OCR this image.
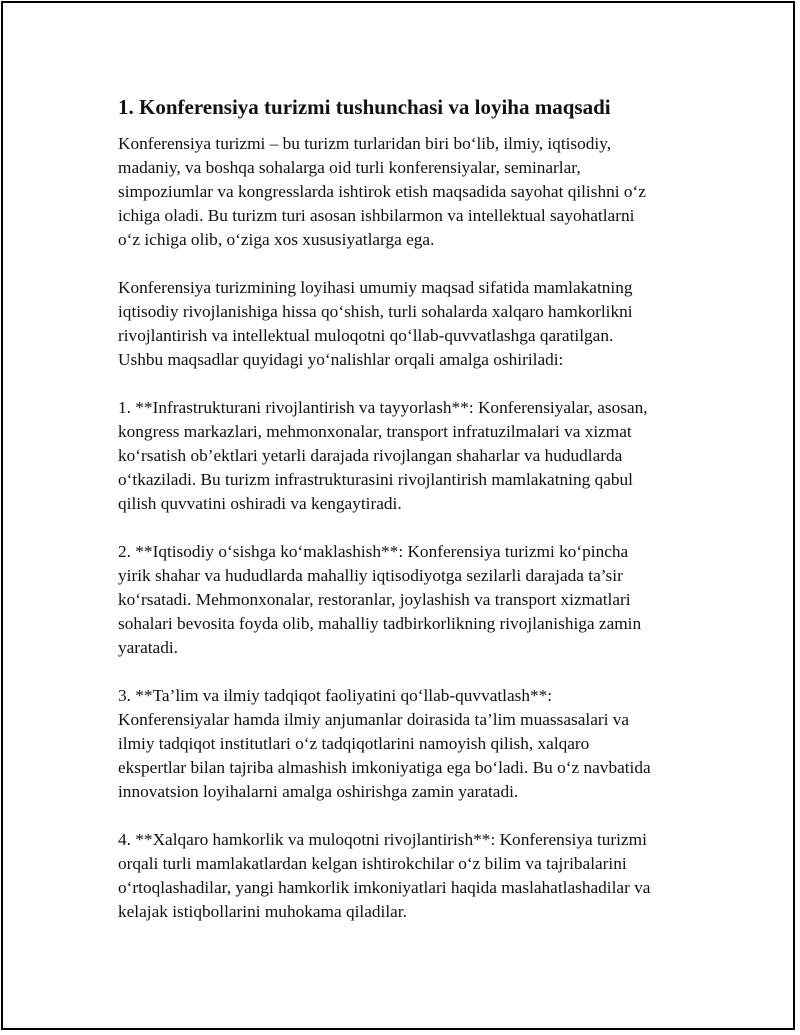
1. Konferensiya turizmi tushunchasi va loyiha maqsadi

Konferensiya turizmi – bu turizm turlaridan biri bo‘lib, ilmiy, iqtisodiy,
madaniy, va boshqa sohalarga oid turli konferensiyalar, seminarlar,
simpoziumlar va kongresslarda ishtirok etish maqsadida sayohat qilishni o‘z
ichiga oladi. Bu turizm turi asosan ishbilarmon va intellektual sayohatlarni
o‘z ichiga olib, o‘ziga xos xususiyatlarga ega.

Konferensiya turizmining loyihasi umumiy maqsad sifatida mamlakatning
iqtisodiy rivojlanishiga hissa qo‘shish, turli sohalarda xalqaro hamkorlikni
rivojlantirish va intellektual muloqotni qo‘llab-quvvatlashga qaratilgan.
Ushbu maqsadlar quyidagi yo‘nalishlar orqali amalga oshiriladi:

1. **Infrastrukturani rivojlantirish va tayyorlash**: Konferensiyalar, asosan,
kongress markazlari, mehmonxonalar, transport infratuzilmalari va xizmat
ko‘rsatish ob’ektlari yetarli darajada rivojlangan shaharlar va hududlarda
o‘tkaziladi. Bu turizm infrastrukturasini rivojlantirish mamlakatning qabul
qilish quvvatini oshiradi va kengaytiradi.

2. **Iqtisodiy o‘sishga ko‘maklashish**: Konferensiya turizmi ko‘pincha
yirik shahar va hududlarda mahalliy iqtisodiyotga sezilarli darajada ta’sir
ko‘rsatadi. Mehmonxonalar, restoranlar, joylashish va transport xizmatlari
sohalari bevosita foyda olib, mahalliy tadbirkorlikning rivojlanishiga zamin
yaratadi.

3. **Ta’lim va ilmiy tadqiqot faoliyatini qo‘llab-quvvatlash**:
Konferensiyalar hamda ilmiy anjumanlar doirasida ta’lim muassasalari va
ilmiy tadqiqot institutlari o‘z tadqiqotlarini namoyish qilish, xalqaro
ekspertlar bilan tajriba almashish imkoniyatiga ega bo‘ladi. Bu o‘z navbatida
innovatsion loyihalarni amalga oshirishga zamin yaratadi.

4. **Xalqaro hamkorlik va muloqotni rivojlantirish**: Konferensiya turizmi
orqali turli mamlakatlardan kelgan ishtirokchilar o‘z bilim va tajribalarini
o‘rtoqlashadilar, yangi hamkorlik imkoniyatlari haqida maslahatlashadilar va
kelajak istiqbollarini muhokama qiladilar.
